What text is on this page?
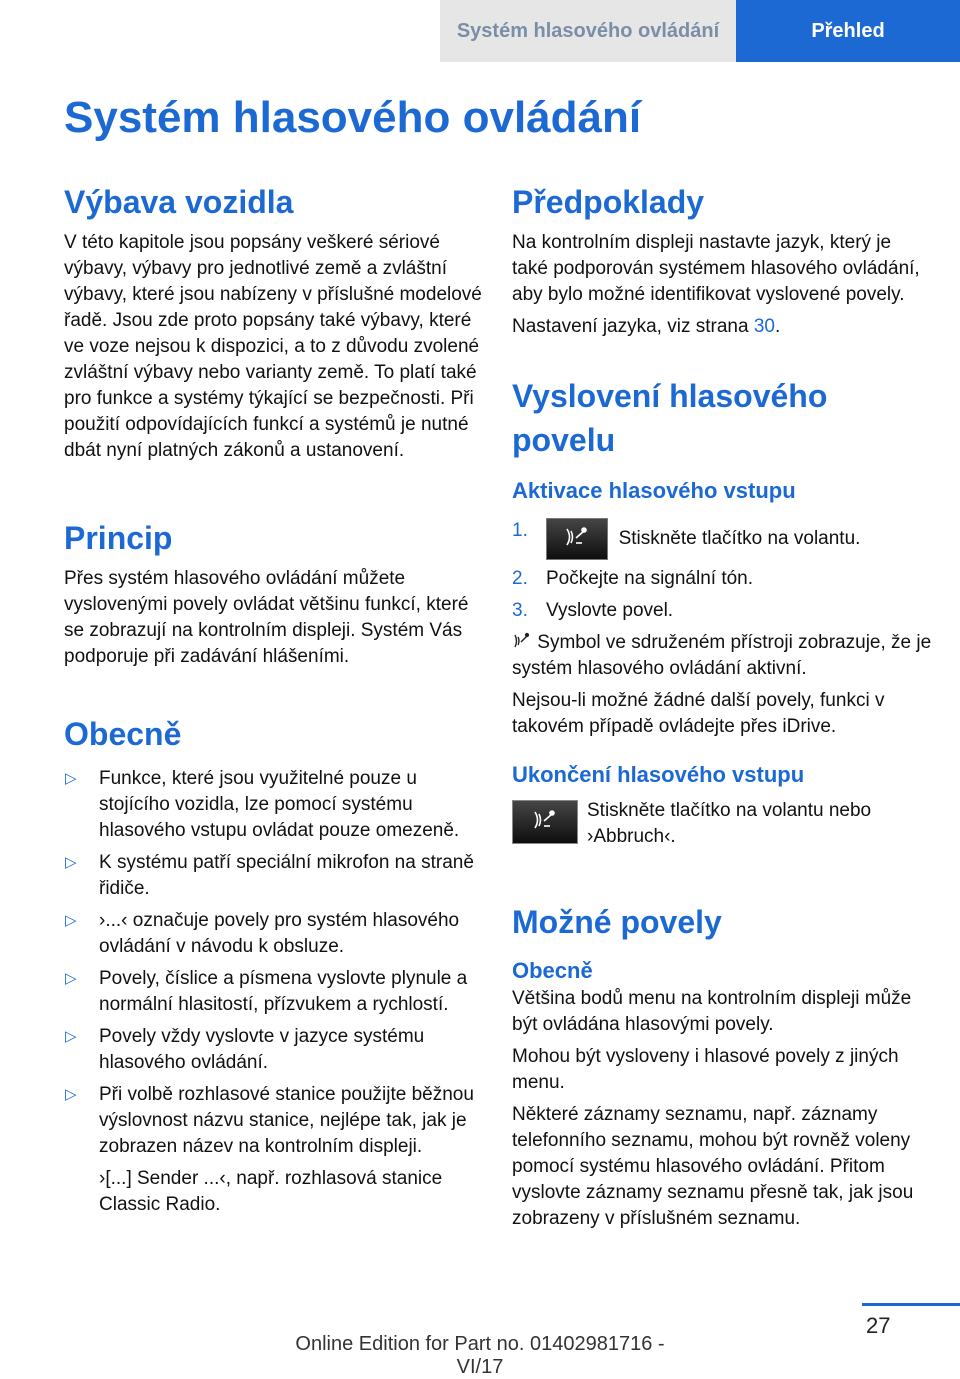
Systém hlasového ovládání	Přehled
Systém hlasového ovládání
Výbava vozidla

V této kapitole jsou popsány veškeré sériové výbavy, výbavy pro jednotlivé země a zvláštní výbavy, které jsou nabízeny v příslušné modelové řadě. Jsou zde proto popsány také výbavy, které ve voze nejsou k dispozici, a to z důvodu zvolené zvláštní výbavy nebo varianty země. To platí také pro funkce a systémy týkající se bezpečnosti. Při použití odpovídajících funkcí a systémů je nutné dbát nyní platných zákonů a ustanovení.

Princip

Přes systém hlasového ovládání můžete vyslovenými povely ovládat většinu funkcí, které se zobrazují na kontrolním displeji. Systém Vás podporuje při zadávání hlášeními.

Obecně
▷ Funkce, které jsou využitelné pouze u stojícího vozidla, lze pomocí systému hlasového vstupu ovládat pouze omezeně.
▷ K systému patří speciální mikrofon na straně řidiče.
▷ ›...‹ označuje povely pro systém hlasového ovládání v návodu k obsluze.
▷ Povely, číslice a písmena vyslovte plynule a normální hlasitostí, přízvukem a rychlostí.
▷ Povely vždy vyslovte v jazyce systému hlasového ovládání.
▷ Při volbě rozhlasové stanice použijte běžnou výslovnost názvu stanice, nejlépe tak, jak je zobrazen název na kontrolním displeji.
›[...] Sender ...‹, např. rozhlasová stanice Classic Radio.
Předpoklady

Na kontrolním displeji nastavte jazyk, který je také podporován systémem hlasového ovládání, aby bylo možné identifikovat vyslovené povely.

Nastavení jazyka, viz strana 30.

Vyslovení hlasového povelu
Aktivace hlasového vstupu
1.	Stiskněte tlačítko na volantu.
2. Počkejte na signální tón.
3. Vyslovte povel.

Symbol ve sdruženém přístroji zobrazuje, že je systém hlasového ovládání aktivní.

Nejsou-li možné žádné další povely, funkci v takovém případě ovládejte přes iDrive.

Ukončení hlasového vstupu

Stiskněte tlačítko na volantu nebo ›Abbruch‹.

Možné povely
Obecně

Většina bodů menu na kontrolním displeji může být ovládána hlasovými povely.

Mohou být vysloveny i hlasové povely z jiných menu.

Některé záznamy seznamu, např. záznamy telefonního seznamu, mohou být rovněž voleny pomocí systému hlasového ovládání. Přitom vyslovte záznamy seznamu přesně tak, jak jsou zobrazeny v příslušném seznamu.

27
Online Edition for Part no. 01402981716 - VI/17
